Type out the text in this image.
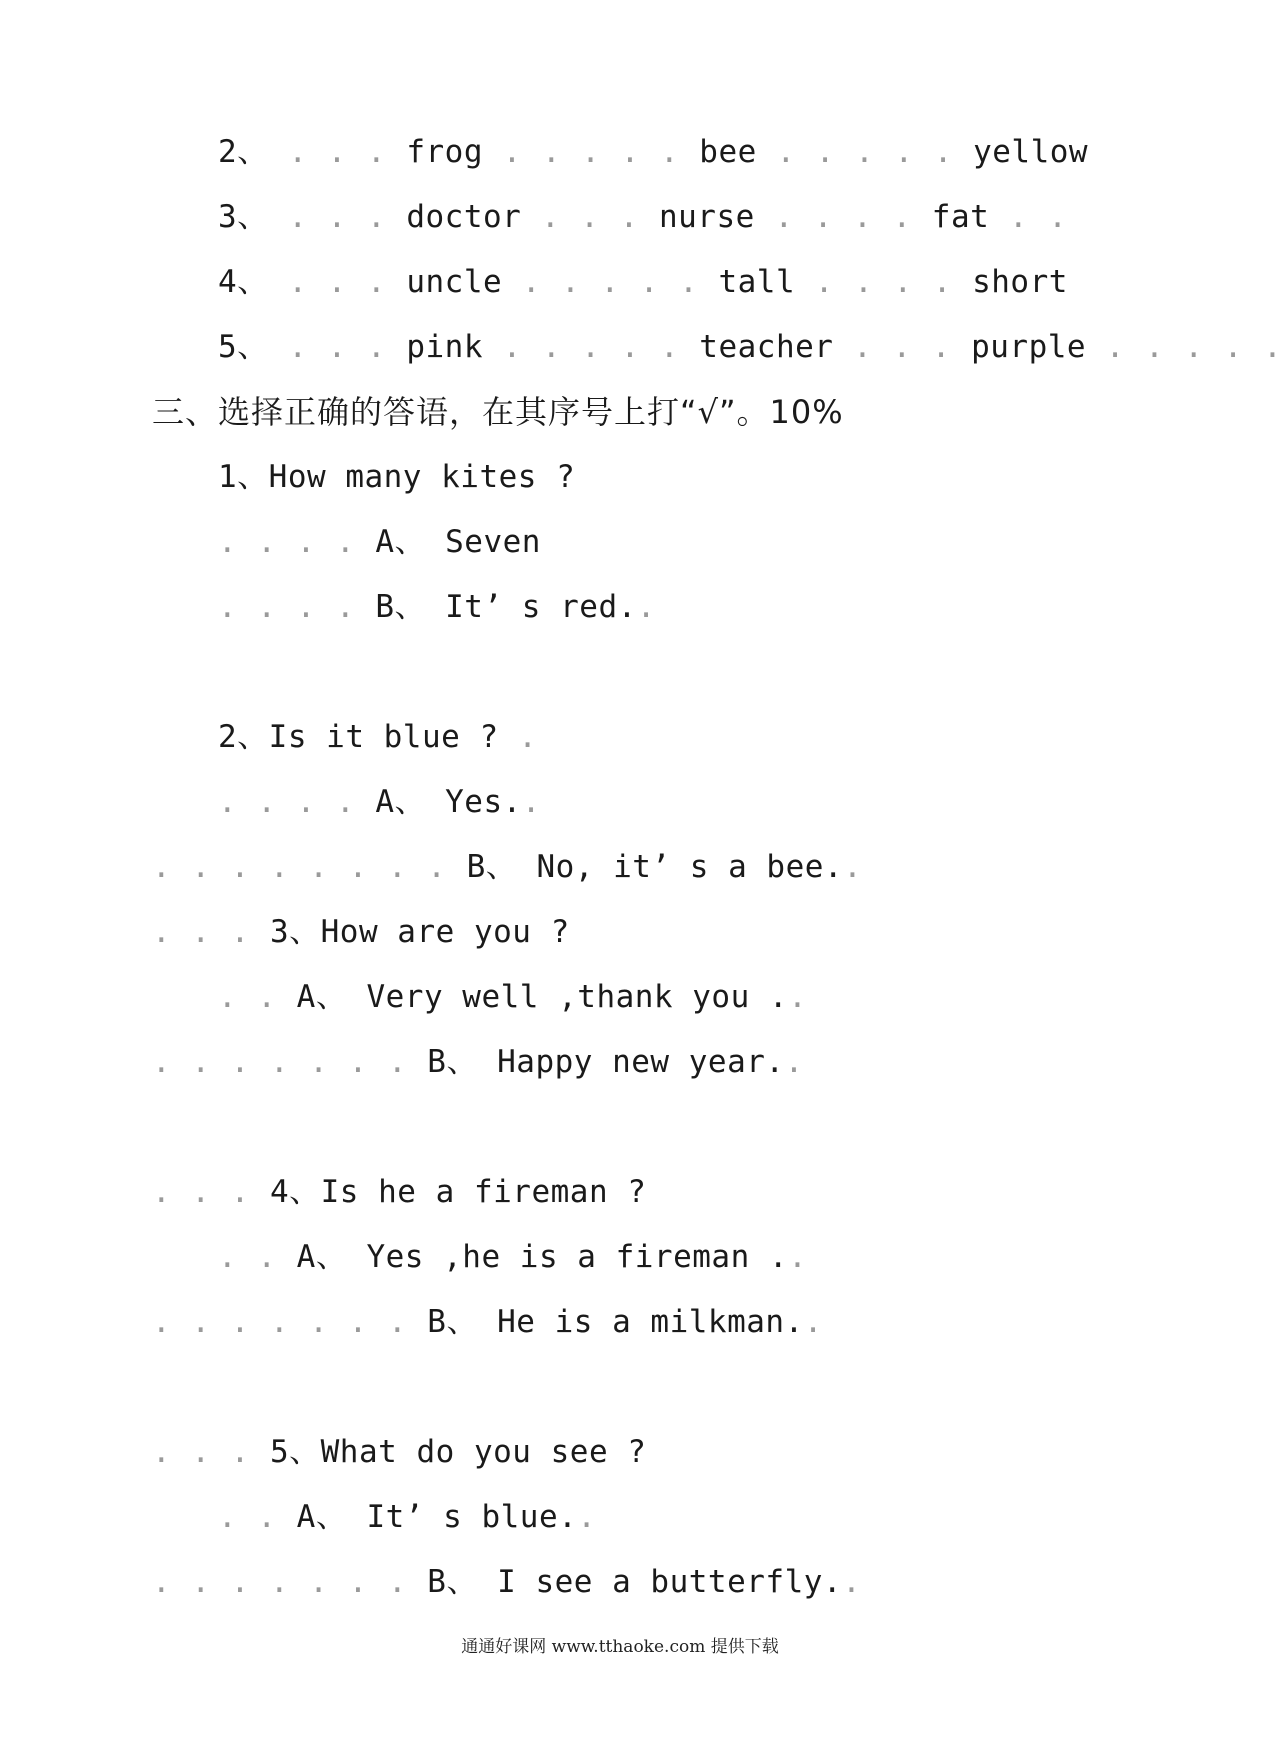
2、 . . . frog . . . . . bee . . . . . yellow
3、 . . . doctor . . . nurse . . . . fat . .
4、 . . . uncle . . . . . tall . . . . short
5、 . . . pink . . . . . teacher . . . purple . . . . .
三、选择正确的答语，在其序号上打“√”。10%
1、How many kites ?
. . . . A、 Seven
. . . . B、 It’ s red..
2、Is it blue ? .
. . . . A、 Yes..
. . . . . . . . B、 No, it’ s a bee..
. . . 3、How are you ?
. . A、 Very well ,thank you ..
. . . . . . . B、 Happy new year..
. . . 4、Is he a fireman ?
. . A、 Yes ,he is a fireman ..
. . . . . . . B、 He is a milkman..
. . . 5、What do you see ?
. . A、 It’ s blue..
. . . . . . . B、 I see a butterfly..
通通好课网 www.tthaoke.com 提供下载
